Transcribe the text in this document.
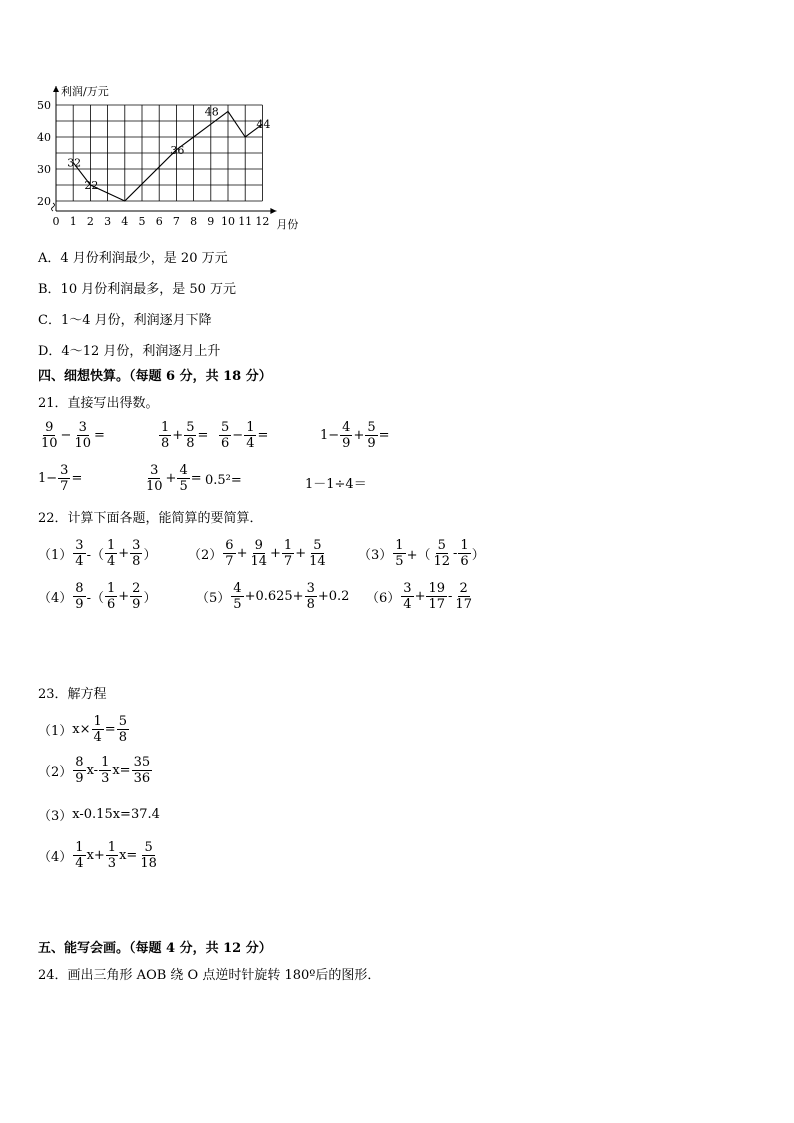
0 1 2 3 4 5 6 7 8 9 10 11 12
20
30
40
50
32
22
36
48
44
利润/万元
月份
A．4 月份利润最少，是 20 万元
B．10 月份利润最多，是 50 万元
C．1～4 月份，利润逐月下降
D．4～12 月份，利润逐月上升
四、细想快算。（每题 6 分，共 18 分）
21．直接写出得数。
$\frac{9}{10} - \frac{3}{10}$ =	$\frac{1}{8} + \frac{5}{8} = \frac{5}{6} - \frac{1}{4}$ =	$1- \frac{4}{9} + \frac{5}{9}$ =
$1- \frac{3}{7}$ =	$\frac{3}{10} + \frac{4}{5} = 0.5^2=$	1－1÷4＝
22．计算下面各题，能简算的要简算．
$(1) \frac{3}{4}$ -（ $\frac{1}{4} + \frac{3}{8}$ ） $(2) \frac{6}{7} + \frac{9}{14} + \frac{1}{7} + \frac{5}{14} (3) \frac{1}{5}$ +（ $\frac{5}{12} - \frac{1}{6}$ ）
$(4) \frac{8}{9}$ -（ $\frac{1}{6} + \frac{2}{9}$ ）	$(5) \frac{4}{5} +0.625+ \frac{3}{8} +0.2$ $(6) \frac{3}{4} + \frac{19}{17} - \frac{2}{17}$
23．解方程
（1） $x\times \frac{1}{4} = \frac{5}{8}$
$(2) \frac{8}{9} x- \frac{1}{3} x= \frac{35}{36}$
（3） x-0.15x=37.4
$(4) \frac{1}{4} x+ \frac{1}{3} x= \frac{5}{18}$
五、能写会画。（每题 4 分，共 12 分）
24．画出三角形 AOB 绕 O 点逆时针旋转 180º后的图形．
